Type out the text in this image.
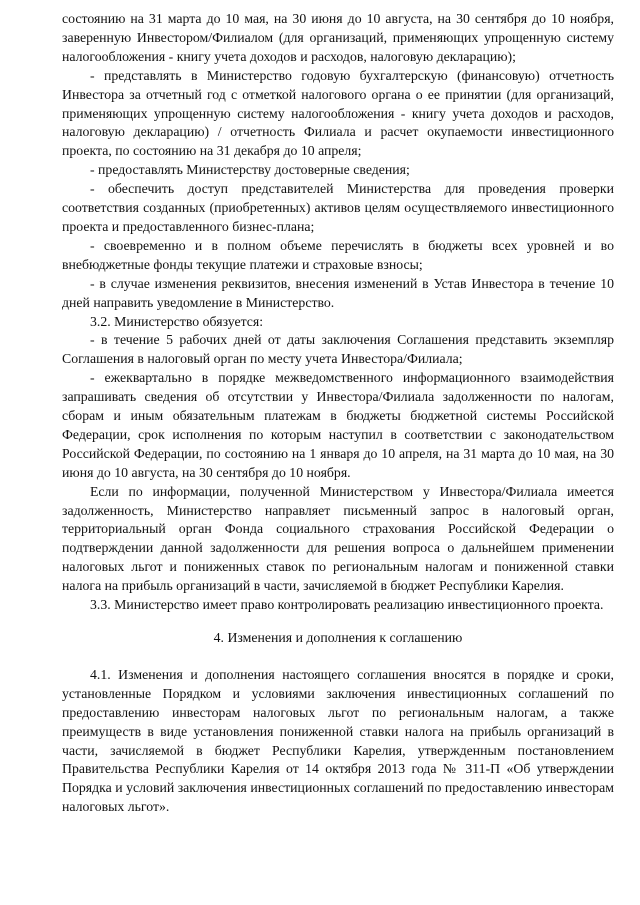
состоянию на 31 марта до 10 мая, на 30 июня до 10 августа, на 30 сентября до 10 ноября, заверенную Инвестором/Филиалом (для организаций, применяющих упрощенную систему налогообложения - книгу учета доходов и расходов, налоговую декларацию);

- представлять в Министерство годовую бухгалтерскую (финансовую) отчетность Инвестора за отчетный год с отметкой налогового органа о ее принятии (для организаций, применяющих упрощенную систему налогообложения - книгу учета доходов и расходов, налоговую декларацию) / отчетность Филиала и расчет окупаемости инвестиционного проекта, по состоянию на 31 декабря до 10 апреля;

- предоставлять Министерству достоверные сведения;

- обеспечить доступ представителей Министерства для проведения проверки соответствия созданных (приобретенных) активов целям осуществляемого инвестиционного проекта и предоставленного бизнес-плана;

- своевременно и в полном объеме перечислять в бюджеты всех уровней и во внебюджетные фонды текущие платежи и страховые взносы;

- в случае изменения реквизитов, внесения изменений в Устав Инвестора в течение 10 дней направить уведомление в Министерство.

3.2. Министерство обязуется:

- в течение 5 рабочих дней от даты заключения Соглашения представить экземпляр Соглашения в налоговый орган по месту учета Инвестора/Филиала;

- ежеквартально в порядке межведомственного информационного взаимодействия запрашивать сведения об отсутствии у Инвестора/Филиала задолженности по налогам, сборам и иным обязательным платежам в бюджеты бюджетной системы Российской Федерации, срок исполнения по которым наступил в соответствии с законодательством Российской Федерации, по состоянию на 1 января до 10 апреля, на 31 марта до 10 мая, на 30 июня до 10 августа, на 30 сентября до 10 ноября.

Если по информации, полученной Министерством у Инвестора/Филиала имеется задолженность, Министерство направляет письменный запрос в налоговый орган, территориальный орган Фонда социального страхования Российской Федерации о подтверждении данной задолженности для решения вопроса о дальнейшем применении налоговых льгот и пониженных ставок по региональным налогам и пониженной ставки налога на прибыль организаций в части, зачисляемой в бюджет Республики Карелия.

3.3. Министерство имеет право контролировать реализацию инвестиционного проекта.

4. Изменения и дополнения к соглашению

4.1. Изменения и дополнения настоящего соглашения вносятся в порядке и сроки, установленные Порядком и условиями заключения инвестиционных соглашений по предоставлению инвесторам налоговых льгот по региональным налогам, а также преимуществ в виде установления пониженной ставки налога на прибыль организаций в части, зачисляемой в бюджет Республики Карелия, утвержденным постановлением Правительства Республики Карелия от 14 октября 2013 года № 311-П «Об утверждении Порядка и условий заключения инвестиционных соглашений по предоставлению инвесторам налоговых льгот».
